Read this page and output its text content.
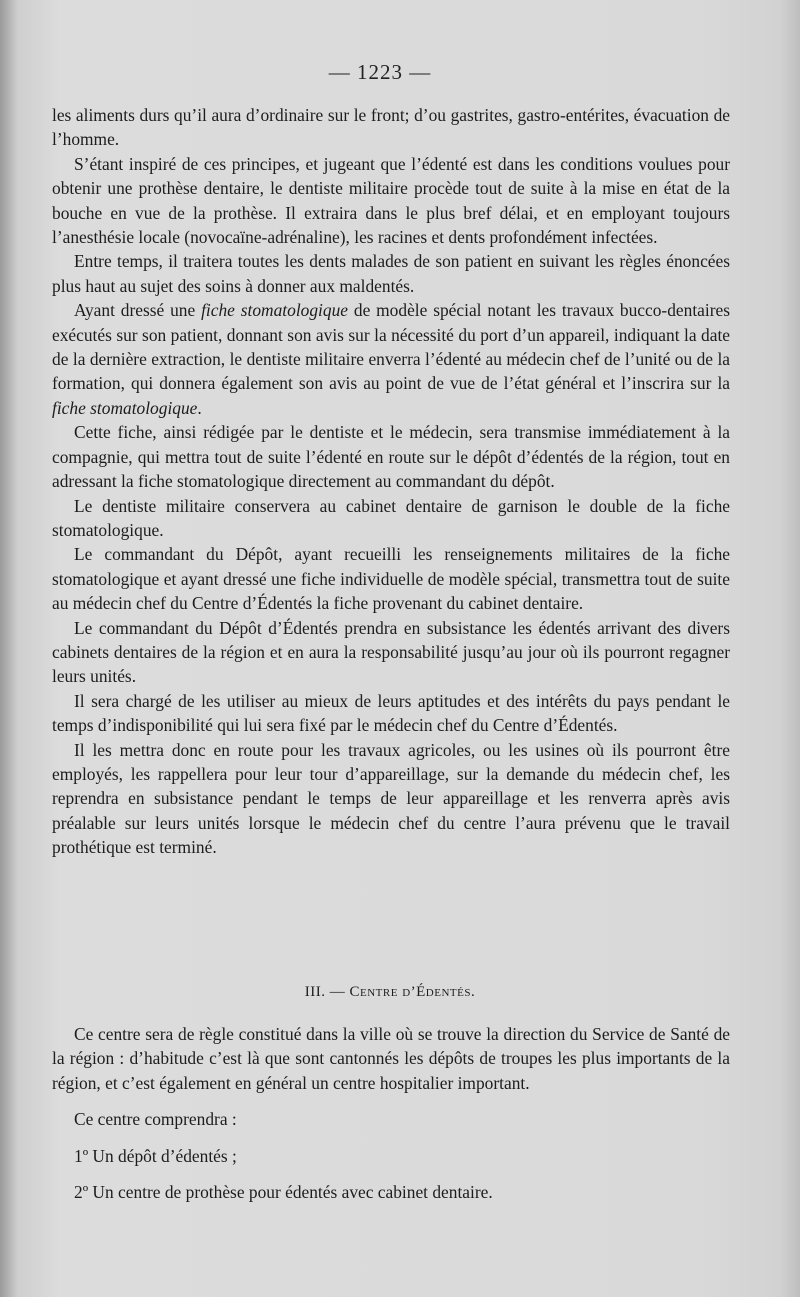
— 1223 —

les aliments durs qu’il aura d’ordinaire sur le front; d’ou gastrites, gastro-entérites, évacuation de l’homme.

S’étant inspiré de ces principes, et jugeant que l’édenté est dans les conditions voulues pour obtenir une prothèse dentaire, le dentiste militaire procède tout de suite à la mise en état de la bouche en vue de la prothèse. Il extraira dans le plus bref délai, et en employant toujours l’anesthésie locale (novocaïne-adrénaline), les racines et dents profondément infectées.

Entre temps, il traitera toutes les dents malades de son patient en suivant les règles énoncées plus haut au sujet des soins à donner aux maldentés.

Ayant dressé une fiche stomatologique de modèle spécial notant les travaux bucco-dentaires exécutés sur son patient, donnant son avis sur la nécessité du port d’un appareil, indiquant la date de la dernière extraction, le dentiste militaire enverra l’édenté au médecin chef de l’unité ou de la formation, qui donnera également son avis au point de vue de l’état général et l’inscrira sur la fiche stomatologique.

Cette fiche, ainsi rédigée par le dentiste et le médecin, sera transmise immédiatement à la compagnie, qui mettra tout de suite l’édenté en route sur le dépôt d’édentés de la région, tout en adressant la fiche stomatologique directement au commandant du dépôt.

Le dentiste militaire conservera au cabinet dentaire de garnison le double de la fiche stomatologique.

Le commandant du Dépôt, ayant recueilli les renseignements militaires de la fiche stomatologique et ayant dressé une fiche individuelle de modèle spécial, transmettra tout de suite au médecin chef du Centre d’Édentés la fiche provenant du cabinet dentaire.

Le commandant du Dépôt d’Édentés prendra en subsistance les édentés arrivant des divers cabinets dentaires de la région et en aura la responsabilité jusqu’au jour où ils pourront regagner leurs unités.

Il sera chargé de les utiliser au mieux de leurs aptitudes et des intérêts du pays pendant le temps d’indisponibilité qui lui sera fixé par le médecin chef du Centre d’Édentés.

Il les mettra donc en route pour les travaux agricoles, ou les usines où ils pourront être employés, les rappellera pour leur tour d’appareillage, sur la demande du médecin chef, les reprendra en subsistance pendant le temps de leur appareillage et les renverra après avis préalable sur leurs unités lorsque le médecin chef du centre l’aura prévenu que le travail prothétique est terminé.

III. — Centre d’Édentés.

Ce centre sera de règle constitué dans la ville où se trouve la direction du Service de Santé de la région : d’habitude c’est là que sont cantonnés les dépôts de troupes les plus importants de la région, et c’est également en général un centre hospitalier important.

Ce centre comprendra :

1º Un dépôt d’édentés ;

2º Un centre de prothèse pour édentés avec cabinet dentaire.
